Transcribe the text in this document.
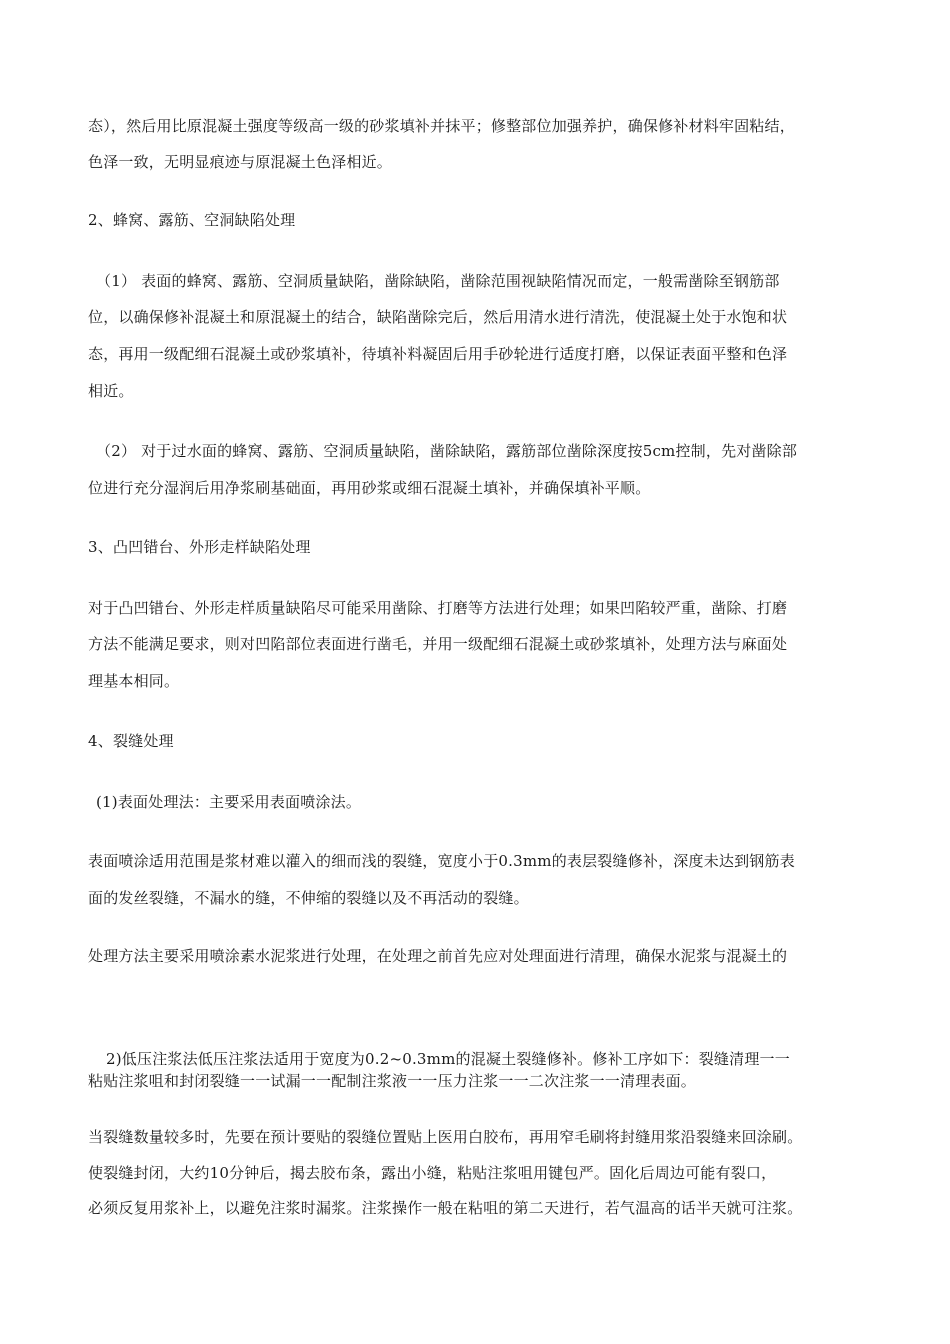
态），然后用比原混凝土强度等级高一级的砂浆填补并抹平；修整部位加强养护，确保修补材料牢固粘结，
色泽一致，无明显痕迹与原混凝土色泽相近。
2、蜂窝、露筋、空洞缺陷处理
（1） 表面的蜂窝、露筋、空洞质量缺陷，凿除缺陷，凿除范围视缺陷情况而定，一般需凿除至钢筋部
位，以确保修补混凝土和原混凝土的结合，缺陷凿除完后，然后用清水进行清洗，使混凝土处于水饱和状
态，再用一级配细石混凝土或砂浆填补，待填补料凝固后用手砂轮进行适度打磨，以保证表面平整和色泽
相近。
（2） 对于过水面的蜂窝、露筋、空洞质量缺陷，凿除缺陷，露筋部位凿除深度按5cm控制，先对凿除部
位进行充分湿润后用净浆刷基础面，再用砂浆或细石混凝土填补，并确保填补平顺。
3、凸凹错台、外形走样缺陷处理
对于凸凹错台、外形走样质量缺陷尽可能采用凿除、打磨等方法进行处理；如果凹陷较严重，凿除、打磨
方法不能满足要求，则对凹陷部位表面进行凿毛，并用一级配细石混凝土或砂浆填补，处理方法与麻面处
理基本相同。
4、裂缝处理
(1)表面处理法：主要采用表面喷涂法。
表面喷涂适用范围是浆材难以灌入的细而浅的裂缝，宽度小于0.3mm的表层裂缝修补，深度未达到钢筋表
面的发丝裂缝，不漏水的缝，不伸缩的裂缝以及不再活动的裂缝。
处理方法主要采用喷涂素水泥浆进行处理，在处理之前首先应对处理面进行清理，确保水泥浆与混凝土的
2)低压注浆法低压注浆法适用于宽度为0.2~0.3mm的混凝土裂缝修补。修补工序如下：裂缝清理一一
粘贴注浆咀和封闭裂缝一一试漏一一配制注浆液一一压力注浆一一二次注浆一一清理表面。
当裂缝数量较多时，先要在预计要贴的裂缝位置贴上医用白胶布，再用窄毛刷将封缝用浆沿裂缝来回涂刷。
使裂缝封闭，大约10分钟后，揭去胶布条，露出小缝，粘贴注浆咀用键包严。固化后周边可能有裂口，
必须反复用浆补上，以避免注浆时漏浆。注浆操作一般在粘咀的第二天进行，若气温高的话半天就可注浆。
